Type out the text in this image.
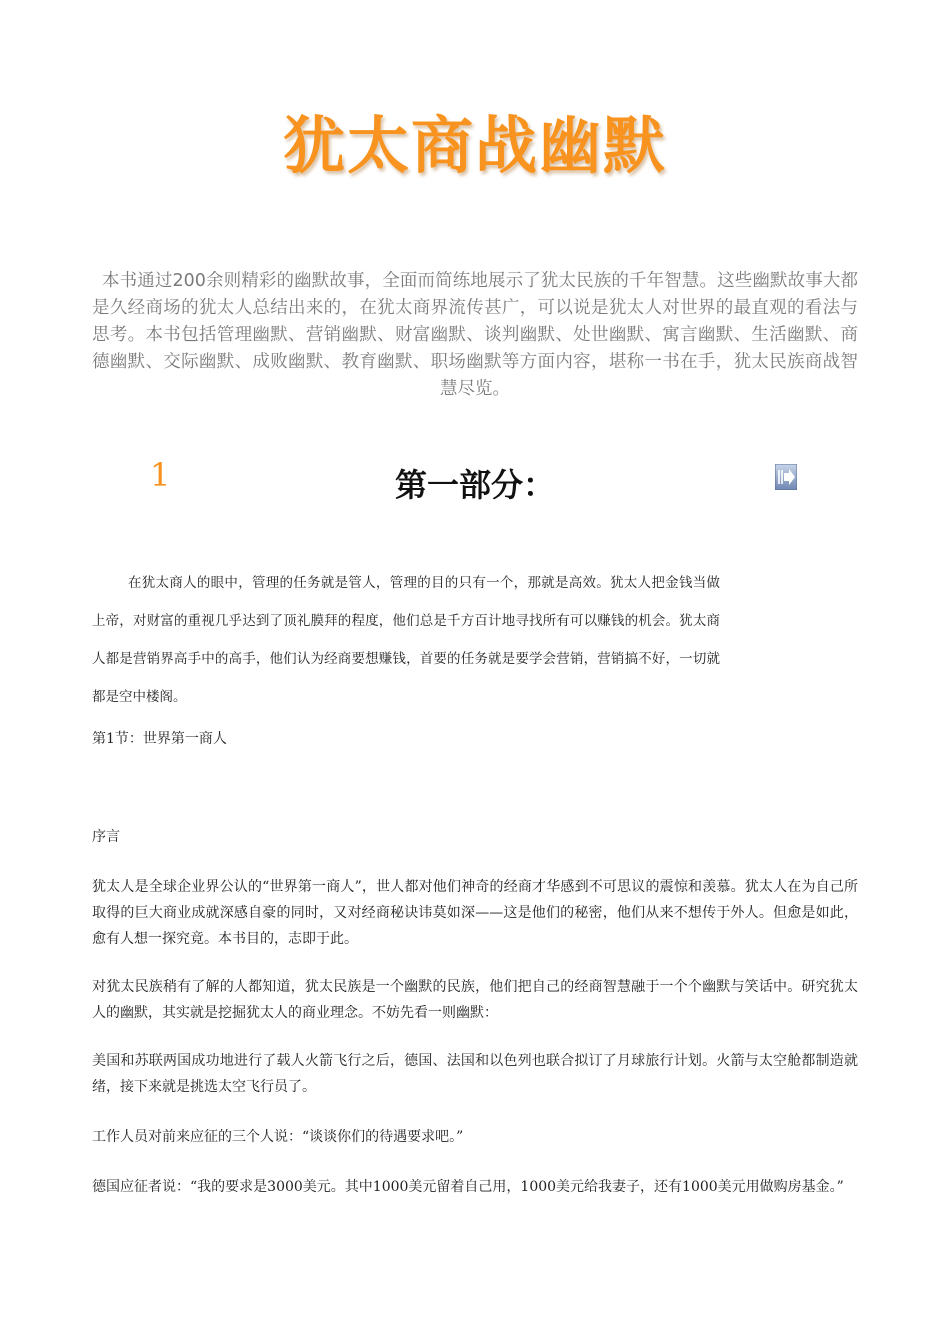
犹太商战幽默
本书通过200余则精彩的幽默故事，全面而简练地展示了犹太民族的千年智慧。这些幽默故事大都是久经商场的犹太人总结出来的，在犹太商界流传甚广，可以说是犹太人对世界的最直观的看法与思考。本书包括管理幽默、营销幽默、财富幽默、谈判幽默、处世幽默、寓言幽默、生活幽默、商德幽默、交际幽默、成败幽默、教育幽默、职场幽默等方面内容，堪称一书在手，犹太民族商战智慧尽览。
1	第一部分：

在犹太商人的眼中，管理的任务就是管人，管理的目的只有一个，那就是高效。犹太人把金钱当做上帝，对财富的重视几乎达到了顶礼膜拜的程度，他们总是千方百计地寻找所有可以赚钱的机会。犹太商人都是营销界高手中的高手，他们认为经商要想赚钱，首要的任务就是要学会营销，营销搞不好，一切就都是空中楼阁。

第1节：世界第一商人
序言
犹太人是全球企业界公认的“世界第一商人”，世人都对他们神奇的经商才华感到不可思议的震惊和羡慕。犹太人在为自己所取得的巨大商业成就深感自豪的同时，又对经商秘诀讳莫如深——这是他们的秘密，他们从来不想传于外人。但愈是如此，愈有人想一探究竟。本书目的，志即于此。
对犹太民族稍有了解的人都知道，犹太民族是一个幽默的民族，他们把自己的经商智慧融于一个个幽默与笑话中。研究犹太人的幽默，其实就是挖掘犹太人的商业理念。不妨先看一则幽默：
美国和苏联两国成功地进行了载人火箭飞行之后，德国、法国和以色列也联合拟订了月球旅行计划。火箭与太空舱都制造就绪，接下来就是挑选太空飞行员了。
工作人员对前来应征的三个人说：“谈谈你们的待遇要求吧。”
德国应征者说：“我的要求是3000美元。其中1000美元留着自己用，1000美元给我妻子，还有1000美元用做购房基金。”
